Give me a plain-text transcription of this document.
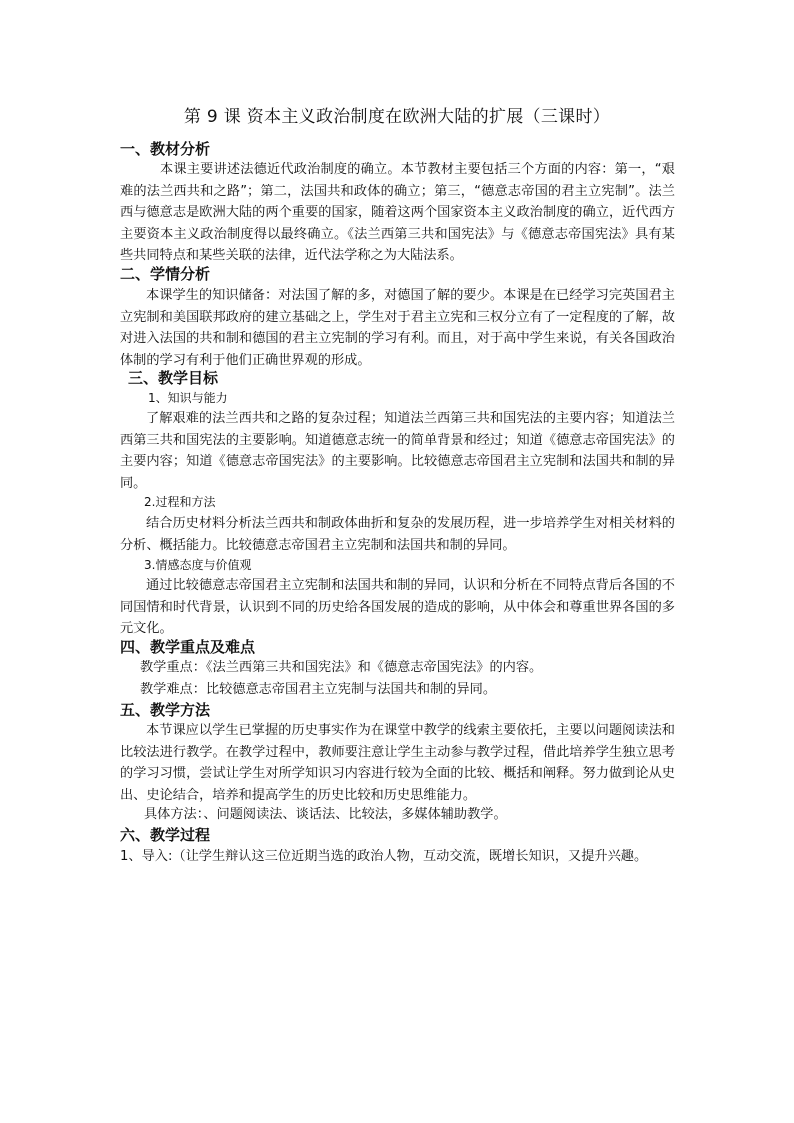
第 9 课 资本主义政治制度在欧洲大陆的扩展（三课时）
一、教材分析

本课主要讲述法德近代政治制度的确立。本节教材主要包括三个方面的内容：第一，“艰难的法兰西共和之路”；第二，法国共和政体的确立；第三，“德意志帝国的君主立宪制”。法兰西与德意志是欧洲大陆的两个重要的国家，随着这两个国家资本主义政治制度的确立，近代西方主要资本主义政治制度得以最终确立。《法兰西第三共和国宪法》与《德意志帝国宪法》具有某些共同特点和某些关联的法律，近代法学称之为大陆法系。

二、学情分析

本课学生的知识储备：对法国了解的多，对德国了解的要少。本课是在已经学习完英国君主立宪制和美国联邦政府的建立基础之上，学生对于君主立宪和三权分立有了一定程度的了解，故对进入法国的共和制和德国的君主立宪制的学习有利。而且，对于高中学生来说，有关各国政治体制的学习有利于他们正确世界观的形成。

三、教学目标
1、知识与能力

了解艰难的法兰西共和之路的复杂过程；知道法兰西第三共和国宪法的主要内容；知道法兰西第三共和国宪法的主要影响。知道德意志统一的简单背景和经过；知道《德意志帝国宪法》的主要内容；知道《德意志帝国宪法》的主要影响。比较德意志帝国君主立宪制和法国共和制的异同。

2.过程和方法

结合历史材料分析法兰西共和制政体曲折和复杂的发展历程，进一步培养学生对相关材料的分析、概括能力。比较德意志帝国君主立宪制和法国共和制的异同。

3.情感态度与价值观

通过比较德意志帝国君主立宪制和法国共和制的异同，认识和分析在不同特点背后各国的不同国情和时代背景，认识到不同的历史给各国发展的造成的影响，从中体会和尊重世界各国的多元文化。

四、教学重点及难点
教学重点：《法兰西第三共和国宪法》和《德意志帝国宪法》的内容。
教学难点：比较德意志帝国君主立宪制与法国共和制的异同。
五、教学方法

本节课应以学生已掌握的历史事实作为在课堂中教学的线索主要依托，主要以问题阅读法和比较法进行教学。在教学过程中，教师要注意让学生主动参与教学过程，借此培养学生独立思考的学习习惯，尝试让学生对所学知识习内容进行较为全面的比较、概括和阐释。努力做到论从史出、史论结合，培养和提高学生的历史比较和历史思维能力。

具体方法：、问题阅读法、谈话法、比较法，多媒体辅助教学。
六、教学过程

1、导入:（让学生辩认这三位近期当选的政治人物，互动交流，既增长知识，又提升兴趣。
